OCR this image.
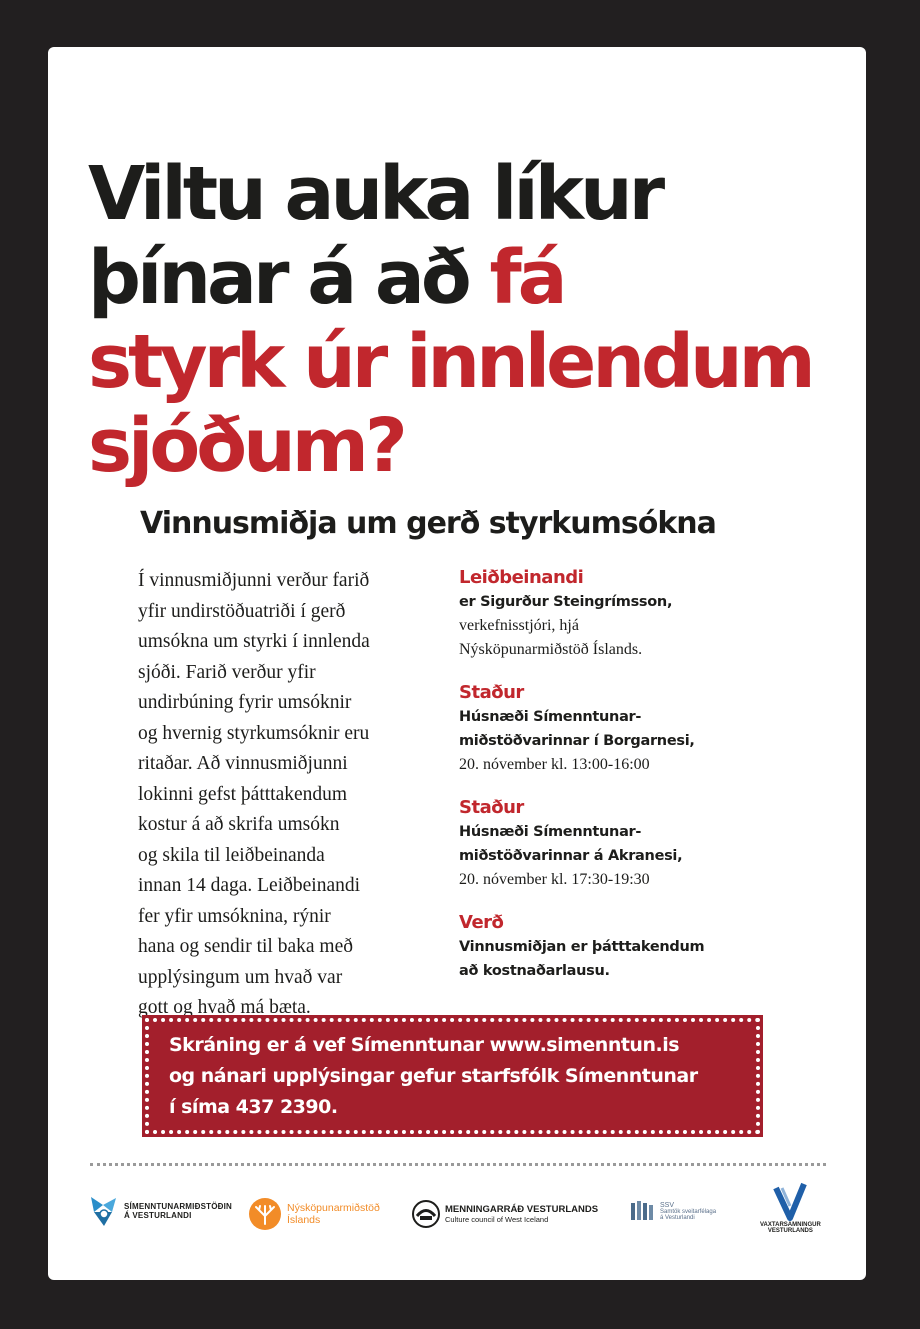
Viltu auka líkur
þínar á að fá
styrk úr innlendum
sjóðum?
Vinnusmiðja um gerð styrkumsókna
Í vinnusmiðjunni verður farið
yfir undirstöðuatriði í gerð
umsókna um styrki í innlenda
sjóði. Farið verður yfir
undirbúning fyrir umsóknir
og hvernig styrkumsóknir eru
ritaðar. Að vinnusmiðjunni
lokinni gefst þátttakendum
kostur á að skrifa umsókn
og skila til leiðbeinanda
innan 14 daga. Leiðbeinandi
fer yfir umsóknina, rýnir
hana og sendir til baka með
upplýsingum um hvað var
gott og hvað má bæta.
Leiðbeinandi
er Sigurður Steingrímsson,
verkefnisstjóri, hjá
Nýsköpunarmiðstöð Íslands.
Staður
Húsnæði Símenntunar-
miðstöðvarinnar í Borgarnesi,
20. nóvember kl. 13:00-16:00
Staður
Húsnæði Símenntunar-
miðstöðvarinnar á Akranesi,
20. nóvember kl. 17:30-19:30
Verð
Vinnusmiðjan er þátttakendum
að kostnaðarlausu.
Skráning er á vef Símenntunar www.simenntun.is
og nánari upplýsingar gefur starfsfólk Símenntunar
í síma 437 2390.
SÍMENNTUNARMIÐSTÖÐIN
Á VESTURLANDI
Nýsköpunarmiðstöð
Íslands
MENNINGARRÁÐ VESTURLANDS
Culture council of West Iceland
SSV
Samtök sveitarfélaga
á Vesturlandi
VAXTARSAMNINGUR
VESTURLANDS
